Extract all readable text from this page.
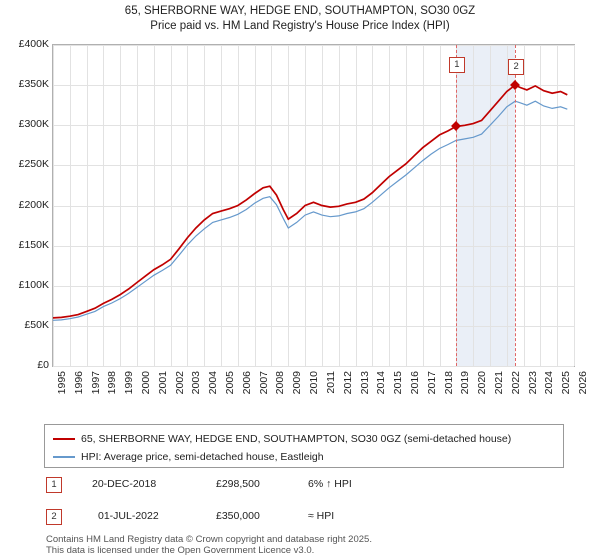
65, SHERBORNE WAY, HEDGE END, SOUTHAMPTON, SO30 0GZ
Price paid vs. HM Land Registry's House Price Index (HPI)
1	2
£0
£50K
£100K
£150K
£200K
£250K
£300K
£350K
£400K
1995 1996 1997 1998 1999 2000 2001 2002 2003 2004 2005 2006 2007 2008 2009 2010 2011 2012 2013 2014 2015 2016 2017 2018 2019 2020 2021 2022 2023 2024 2025 2026
65, SHERBORNE WAY, HEDGE END, SOUTHAMPTON, SO30 0GZ (semi-detached house)
HPI: Average price, semi-detached house, Eastleigh
1	20-DEC-2018	£298,500	6% ↑ HPI
2	01-JUL-2022	£350,000	≈ HPI
Contains HM Land Registry data © Crown copyright and database right 2025.
This data is licensed under the Open Government Licence v3.0.
